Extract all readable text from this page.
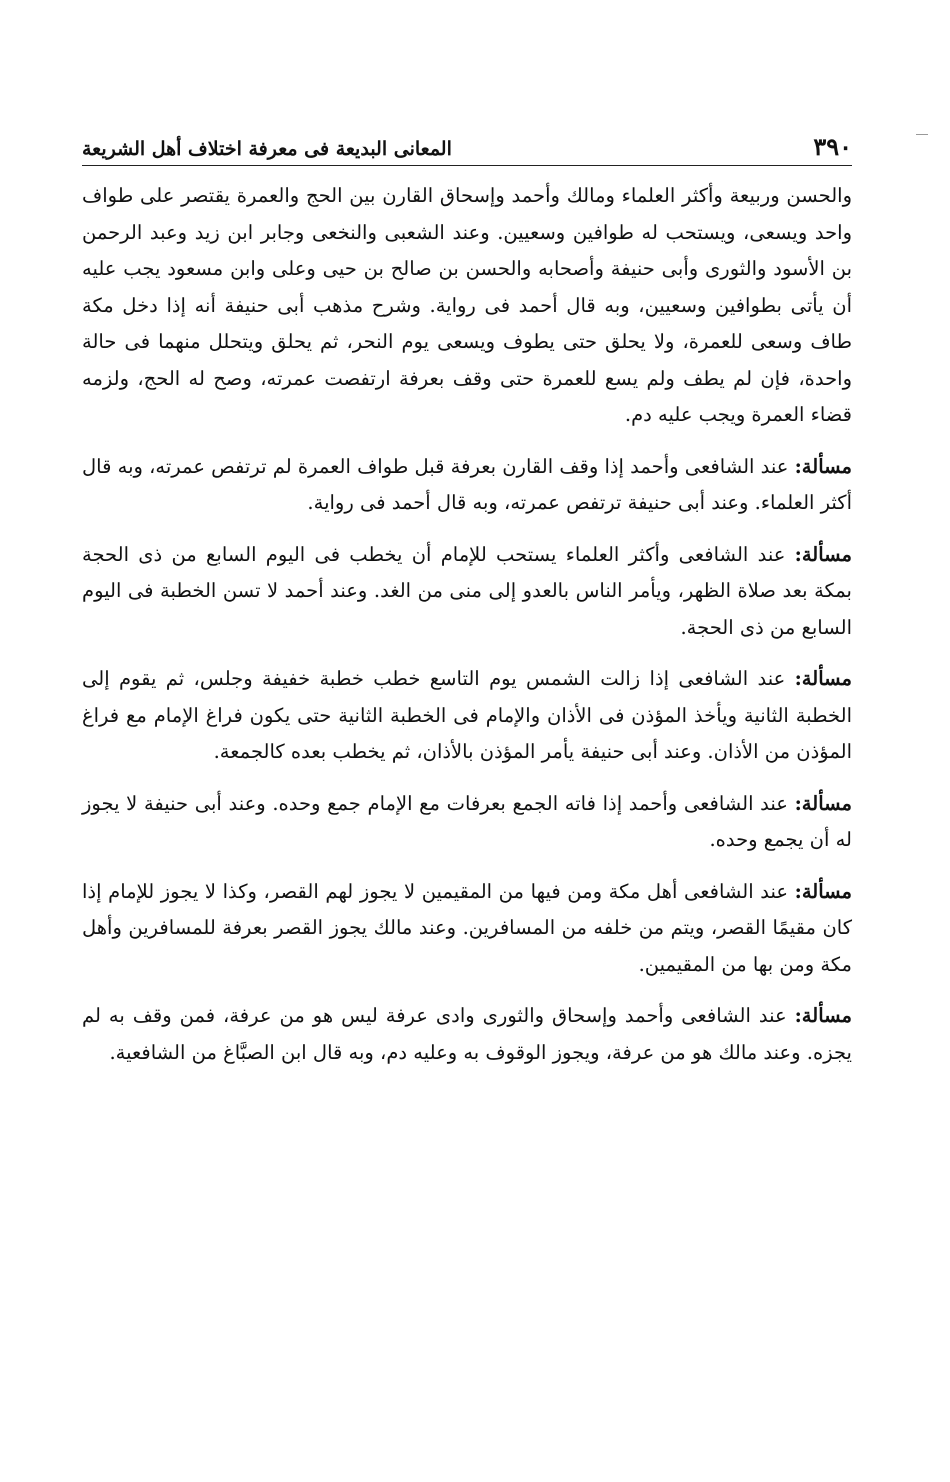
٣٩٠
المعانى البديعة فى معرفة اختلاف أهل الشريعة

والحسن وربيعة وأكثر العلماء ومالك وأحمد وإسحاق القارن بين الحج والعمرة يقتصر على طواف واحد ويسعى، ويستحب له طوافين وسعيين. وعند الشعبى والنخعى وجابر ابن زيد وعبد الرحمن بن الأسود والثورى وأبى حنيفة وأصحابه والحسن بن صالح بن حيى وعلى وابن مسعود يجب عليه أن يأتى بطوافين وسعيين، وبه قال أحمد فى رواية. وشرح مذهب أبى حنيفة أنه إذا دخل مكة طاف وسعى للعمرة، ولا يحلق حتى يطوف ويسعى يوم النحر، ثم يحلق ويتحلل منهما فى حالة واحدة، فإن لم يطف ولم يسع للعمرة حتى وقف بعرفة ارتفصت عمرته، وصح له الحج، ولزمه قضاء العمرة ويجب عليه دم.

مسألة: عند الشافعى وأحمد إذا وقف القارن بعرفة قبل طواف العمرة لم ترتفص عمرته، وبه قال أكثر العلماء. وعند أبى حنيفة ترتفص عمرته، وبه قال أحمد فى رواية.

مسألة: عند الشافعى وأكثر العلماء يستحب للإمام أن يخطب فى اليوم السابع من ذى الحجة بمكة بعد صلاة الظهر، ويأمر الناس بالعدو إلى منى من الغد. وعند أحمد لا تسن الخطبة فى اليوم السابع من ذى الحجة.

مسألة: عند الشافعى إذا زالت الشمس يوم التاسع خطب خطبة خفيفة وجلس، ثم يقوم إلى الخطبة الثانية ويأخذ المؤذن فى الأذان والإمام فى الخطبة الثانية حتى يكون فراغ الإمام مع فراغ المؤذن من الأذان. وعند أبى حنيفة يأمر المؤذن بالأذان، ثم يخطب بعده كالجمعة.

مسألة: عند الشافعى وأحمد إذا فاته الجمع بعرفات مع الإمام جمع وحده. وعند أبى حنيفة لا يجوز له أن يجمع وحده.

مسألة: عند الشافعى أهل مكة ومن فيها من المقيمين لا يجوز لهم القصر، وكذا لا يجوز للإمام إذا كان مقيمًا القصر، ويتم من خلفه من المسافرين. وعند مالك يجوز القصر بعرفة للمسافرين وأهل مكة ومن بها من المقيمين.

مسألة: عند الشافعى وأحمد وإسحاق والثورى وادى عرفة ليس هو من عرفة، فمن وقف به لم يجزه. وعند مالك هو من عرفة، ويجوز الوقوف به وعليه دم، وبه قال ابن الصبَّاغ من الشافعية.
